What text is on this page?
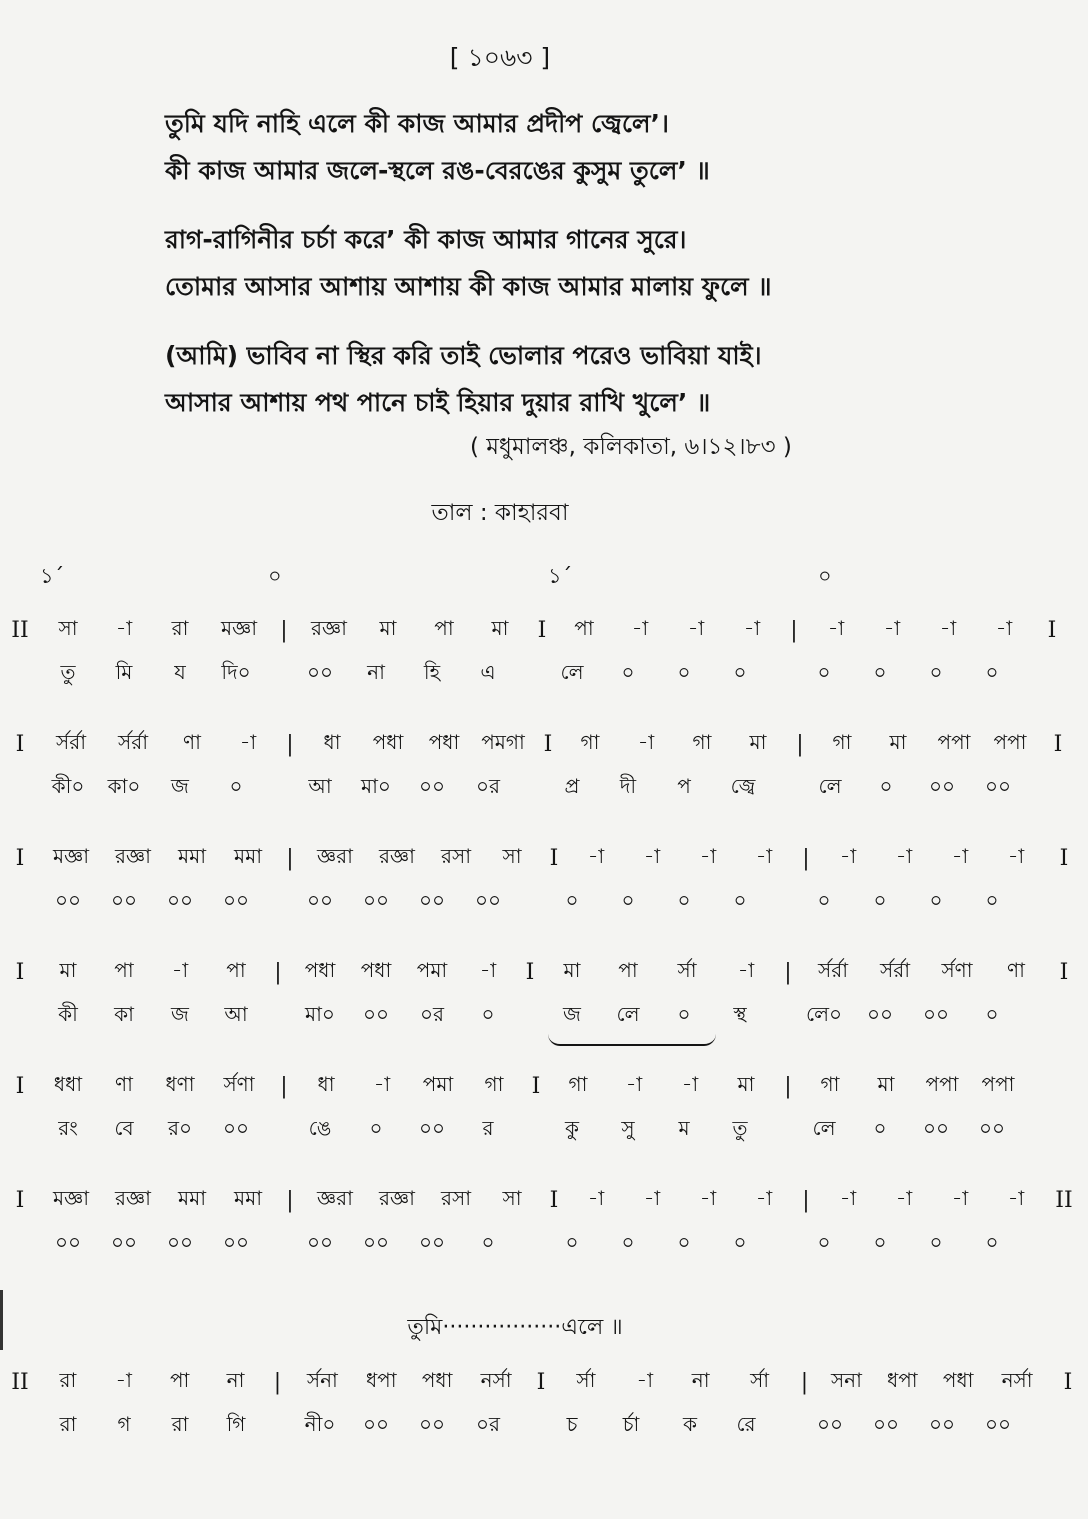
[ ১০৬৩ ]
তুমি যদি নাহি এলে কী কাজ আমার প্রদীপ জ্বেলে’।
কী কাজ আমার জলে-স্থলে রঙ-বেরঙের কুসুম তুলে’ ॥
রাগ-রাগিনীর চর্চা করে’ কী কাজ আমার গানের সুরে।
তোমার আসার আশায় আশায় কী কাজ আমার মালায় ফুলে ॥
(আমি) ভাবিব না স্থির করি তাই ভোলার পরেও ভাবিয়া যাই।
আসার আশায় পথ পানে চাই হিয়ার দুয়ার রাখি খুলে’ ॥
( মধুমালঞ্চ, কলিকাতা, ৬।১২।৮৩ )
তাল : কাহারবা
১´	০	১´	০
II	সা	-া	রা	মজ্ঞা	|	রজ্ঞা	মা	পা	মা	I	পা	-া	-া	-া	|	-া	-া	-া	-া	I
তু	মি	য	দি০	০০	না	হি	এ	লে	০	০	০	০	০	০	০
I	র্সর্রা	র্সর্রা	ণা	-া	|	ধা	পধা	পধা	পমগা I	গা	-া	গা	মা	|	গা	মা	পপা	পপা	I
কী০	কা০	জ	০	আ	মা০	০০	০র	প্র	দী	প	জ্বে	লে	০	০০	০০
I	মজ্ঞা	রজ্ঞা	মমা	মমা	|	জ্ঞরা	রজ্ঞা	রসা	সা	I	-া	-া	-া	-া	|	-া	-া	-া	-া	I
০০	০০	০০	০০	০০	০০	০০	০০	০	০	০	০	০	০	০	০
I	মা	পা	-া	পা	|	পধা	পধা	পমা	-া	I	মা	পা	র্সা	-া	|	র্সর্রা	র্সর্রা	র্সণা	ণা	I
কী	কা	জ	আ	মা০	০০	০র	০	জ	লে	০	স্থ	লে০	০০	০০	০
I	ধধা	ণা	ধণা	র্সণা	|	ধা	-া	পমা	গা	I	গা	-া	-া	মা	|	গা	মা	পপা	পপা
রং	বে	র০	০০	ঙে	০	০০	র	কু	সু	ম	তু	লে	০	০০	০০
I	মজ্ঞা	রজ্ঞা	মমা	মমা	|	জ্ঞরা	রজ্ঞা	রসা	সা	I	-া	-া	-া	-া	|	-া	-া	-া	-া	II
০০	০০	০০	০০	০০	০০	০০	০	০	০	০	০	০	০	০	০
তুমি·················এলে ॥
II	রা	-া	পা	না	|	র্সনা	ধপা	পধা	নর্সা	I	র্সা	-া	না	র্সা	|	সনা	ধপা	পধা	নর্সা	I
রা	গ	রা	গি	নী০	০০	০০	০র	চ	র্চা	ক	রে	০০	০০	০০	০০
